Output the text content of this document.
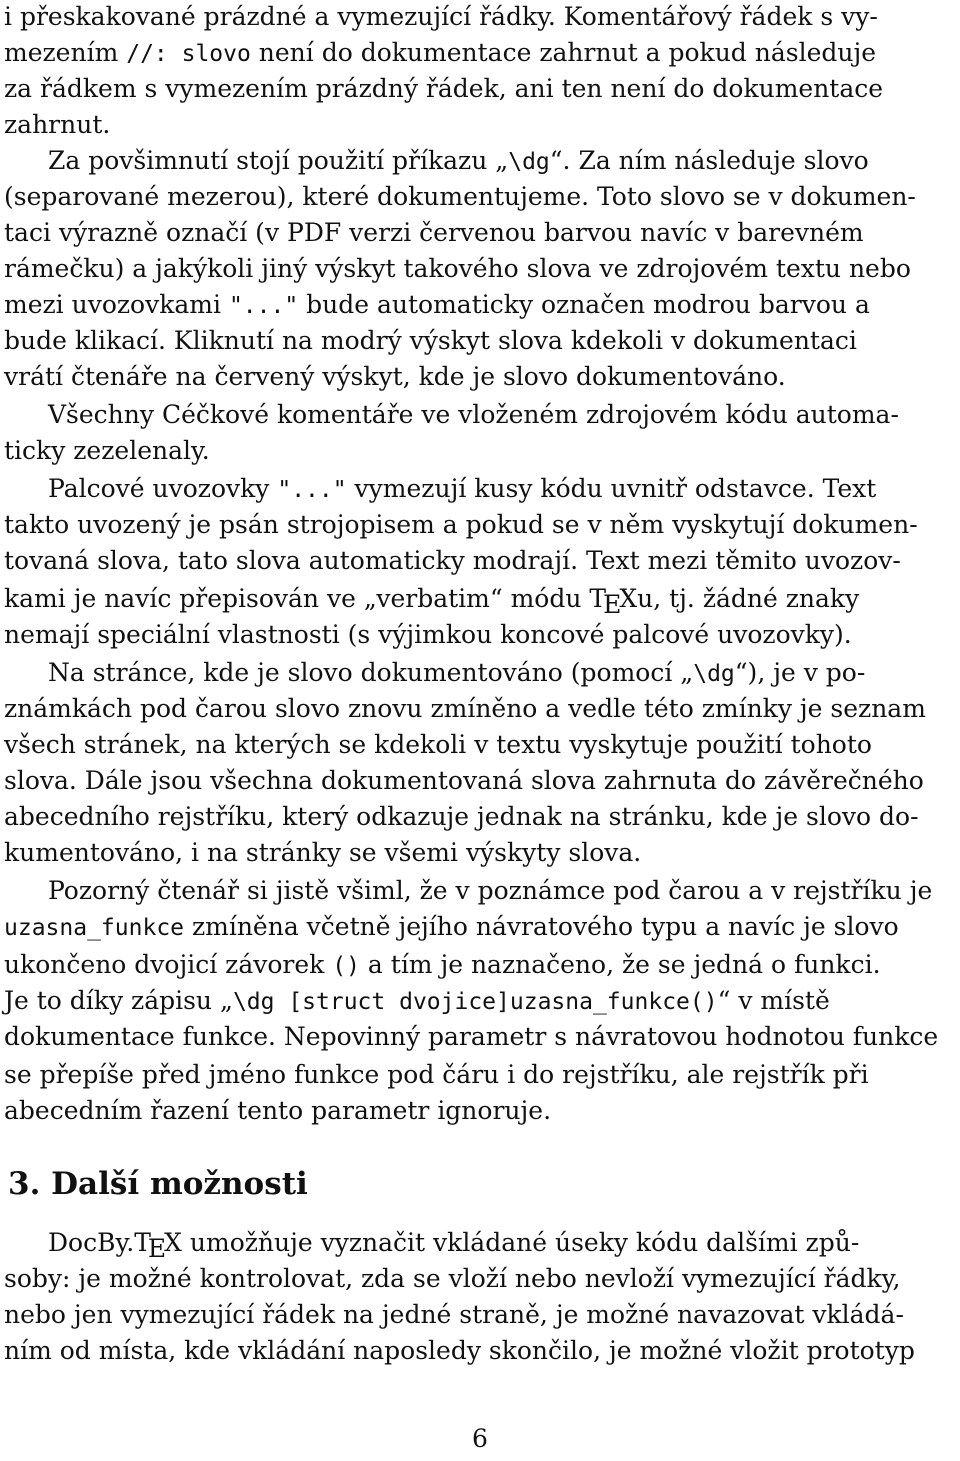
i přeskakované prázdné a vymezující řádky. Komentářový řádek s vy-
mezením //: slovo není do dokumentace zahrnut a pokud následuje
za řádkem s vymezením prázdný řádek, ani ten není do dokumentace
zahrnut.
Za povšimnutí stojí použití příkazu „\dg“. Za ním následuje slovo
(separované mezerou), které dokumentujeme. Toto slovo se v dokumen-
taci výrazně označí (v PDF verzi červenou barvou navíc v barevném
rámečku) a jakýkoli jiný výskyt takového slova ve zdrojovém textu nebo
mezi uvozovkami "..." bude automaticky označen modrou barvou a
bude klikací. Kliknutí na modrý výskyt slova kdekoli v dokumentaci
vrátí čtenáře na červený výskyt, kde je slovo dokumentováno.
Všechny Céčkové komentáře ve vloženém zdrojovém kódu automa-
ticky zezelenaly.
Palcové uvozovky "..." vymezují kusy kódu uvnitř odstavce. Text
takto uvozený je psán strojopisem a pokud se v něm vyskytují dokumen-
tovaná slova, tato slova automaticky modrají. Text mezi těmito uvozov-
kami je navíc přepisován ve „verbatim“ módu TEXu, tj. žádné znaky
nemají speciální vlastnosti (s výjimkou koncové palcové uvozovky).
Na stránce, kde je slovo dokumentováno (pomocí „\dg“), je v po-
známkách pod čarou slovo znovu zmíněno a vedle této zmínky je seznam
všech stránek, na kterých se kdekoli v textu vyskytuje použití tohoto
slova. Dále jsou všechna dokumentovaná slova zahrnuta do závěrečného
abecedního rejstříku, který odkazuje jednak na stránku, kde je slovo do-
kumentováno, i na stránky se všemi výskyty slova.
Pozorný čtenář si jistě všiml, že v poznámce pod čarou a v rejstříku je
uzasna_funkce zmíněna včetně jejího návratového typu a navíc je slovo
ukončeno dvojicí závorek () a tím je naznačeno, že se jedná o funkci.
Je to díky zápisu „\dg [struct dvojice]uzasna_funkce()“ v místě
dokumentace funkce. Nepovinný parametr s návratovou hodnotou funkce
se přepíše před jméno funkce pod čáru i do rejstříku, ale rejstřík při
abecedním řazení tento parametr ignoruje.
3. Další možnosti
DocBy.TEX umožňuje vyznačit vkládané úseky kódu dalšími způ-
soby: je možné kontrolovat, zda se vloží nebo nevloží vymezující řádky,
nebo jen vymezující řádek na jedné straně, je možné navazovat vkládá-
ním od místa, kde vkládání naposledy skončilo, je možné vložit prototyp
6
